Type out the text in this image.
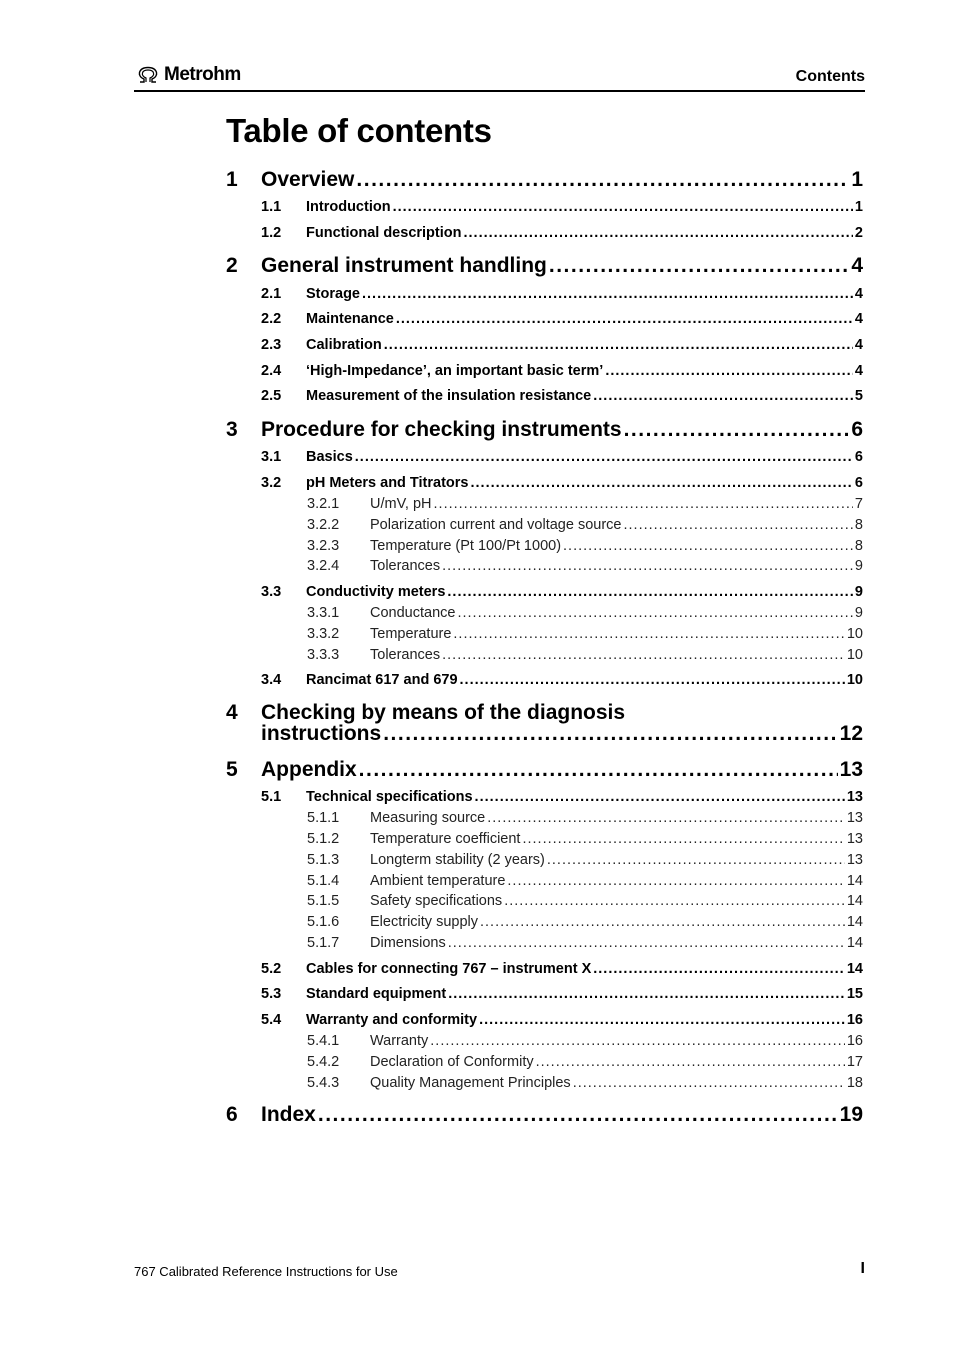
Metrohm	Contents
Table of contents
1	Overview .....	1
1.1	Introduction .....	1
1.2	Functional description .....	2
2	General instrument handling .....	4
2.1	Storage .....	4
2.2	Maintenance .....	4
2.3	Calibration .....	4
2.4	‘High-Impedance’, an important basic term’ .....	4
2.5	Measurement of the insulation resistance .....	5
3	Procedure for checking instruments .....	6
3.1	Basics .....	6
3.2	pH Meters and Titrators .....	6
3.2.1	U/mV, pH .....	7
3.2.2	Polarization current and voltage source .....	8
3.2.3	Temperature (Pt 100/Pt 1000) .....	8
3.2.4	Tolerances .....	9
3.3	Conductivity meters .....	9
3.3.1	Conductance .....	9
3.3.2	Temperature .....	10
3.3.3	Tolerances .....	10
3.4	Rancimat 617 and 679 .....	10
4	Checking by means of the diagnosis
instructions .....	12
5	Appendix .....	13
5.1	Technical specifications .....	13
5.1.1	Measuring source .....	13
5.1.2	Temperature coefficient .....	13
5.1.3	Longterm stability (2 years) .....	13
5.1.4	Ambient temperature .....	14
5.1.5	Safety specifications .....	14
5.1.6	Electricity supply .....	14
5.1.7	Dimensions .....	14
5.2	Cables for connecting 767 – instrument X .....	14
5.3	Standard equipment .....	15
5.4	Warranty and conformity .....	16
5.4.1	Warranty .....	16
5.4.2	Declaration of Conformity .....	17
5.4.3	Quality Management Principles .....	18
6	Index .....	19
767 Calibrated Reference Instructions for Use	I
